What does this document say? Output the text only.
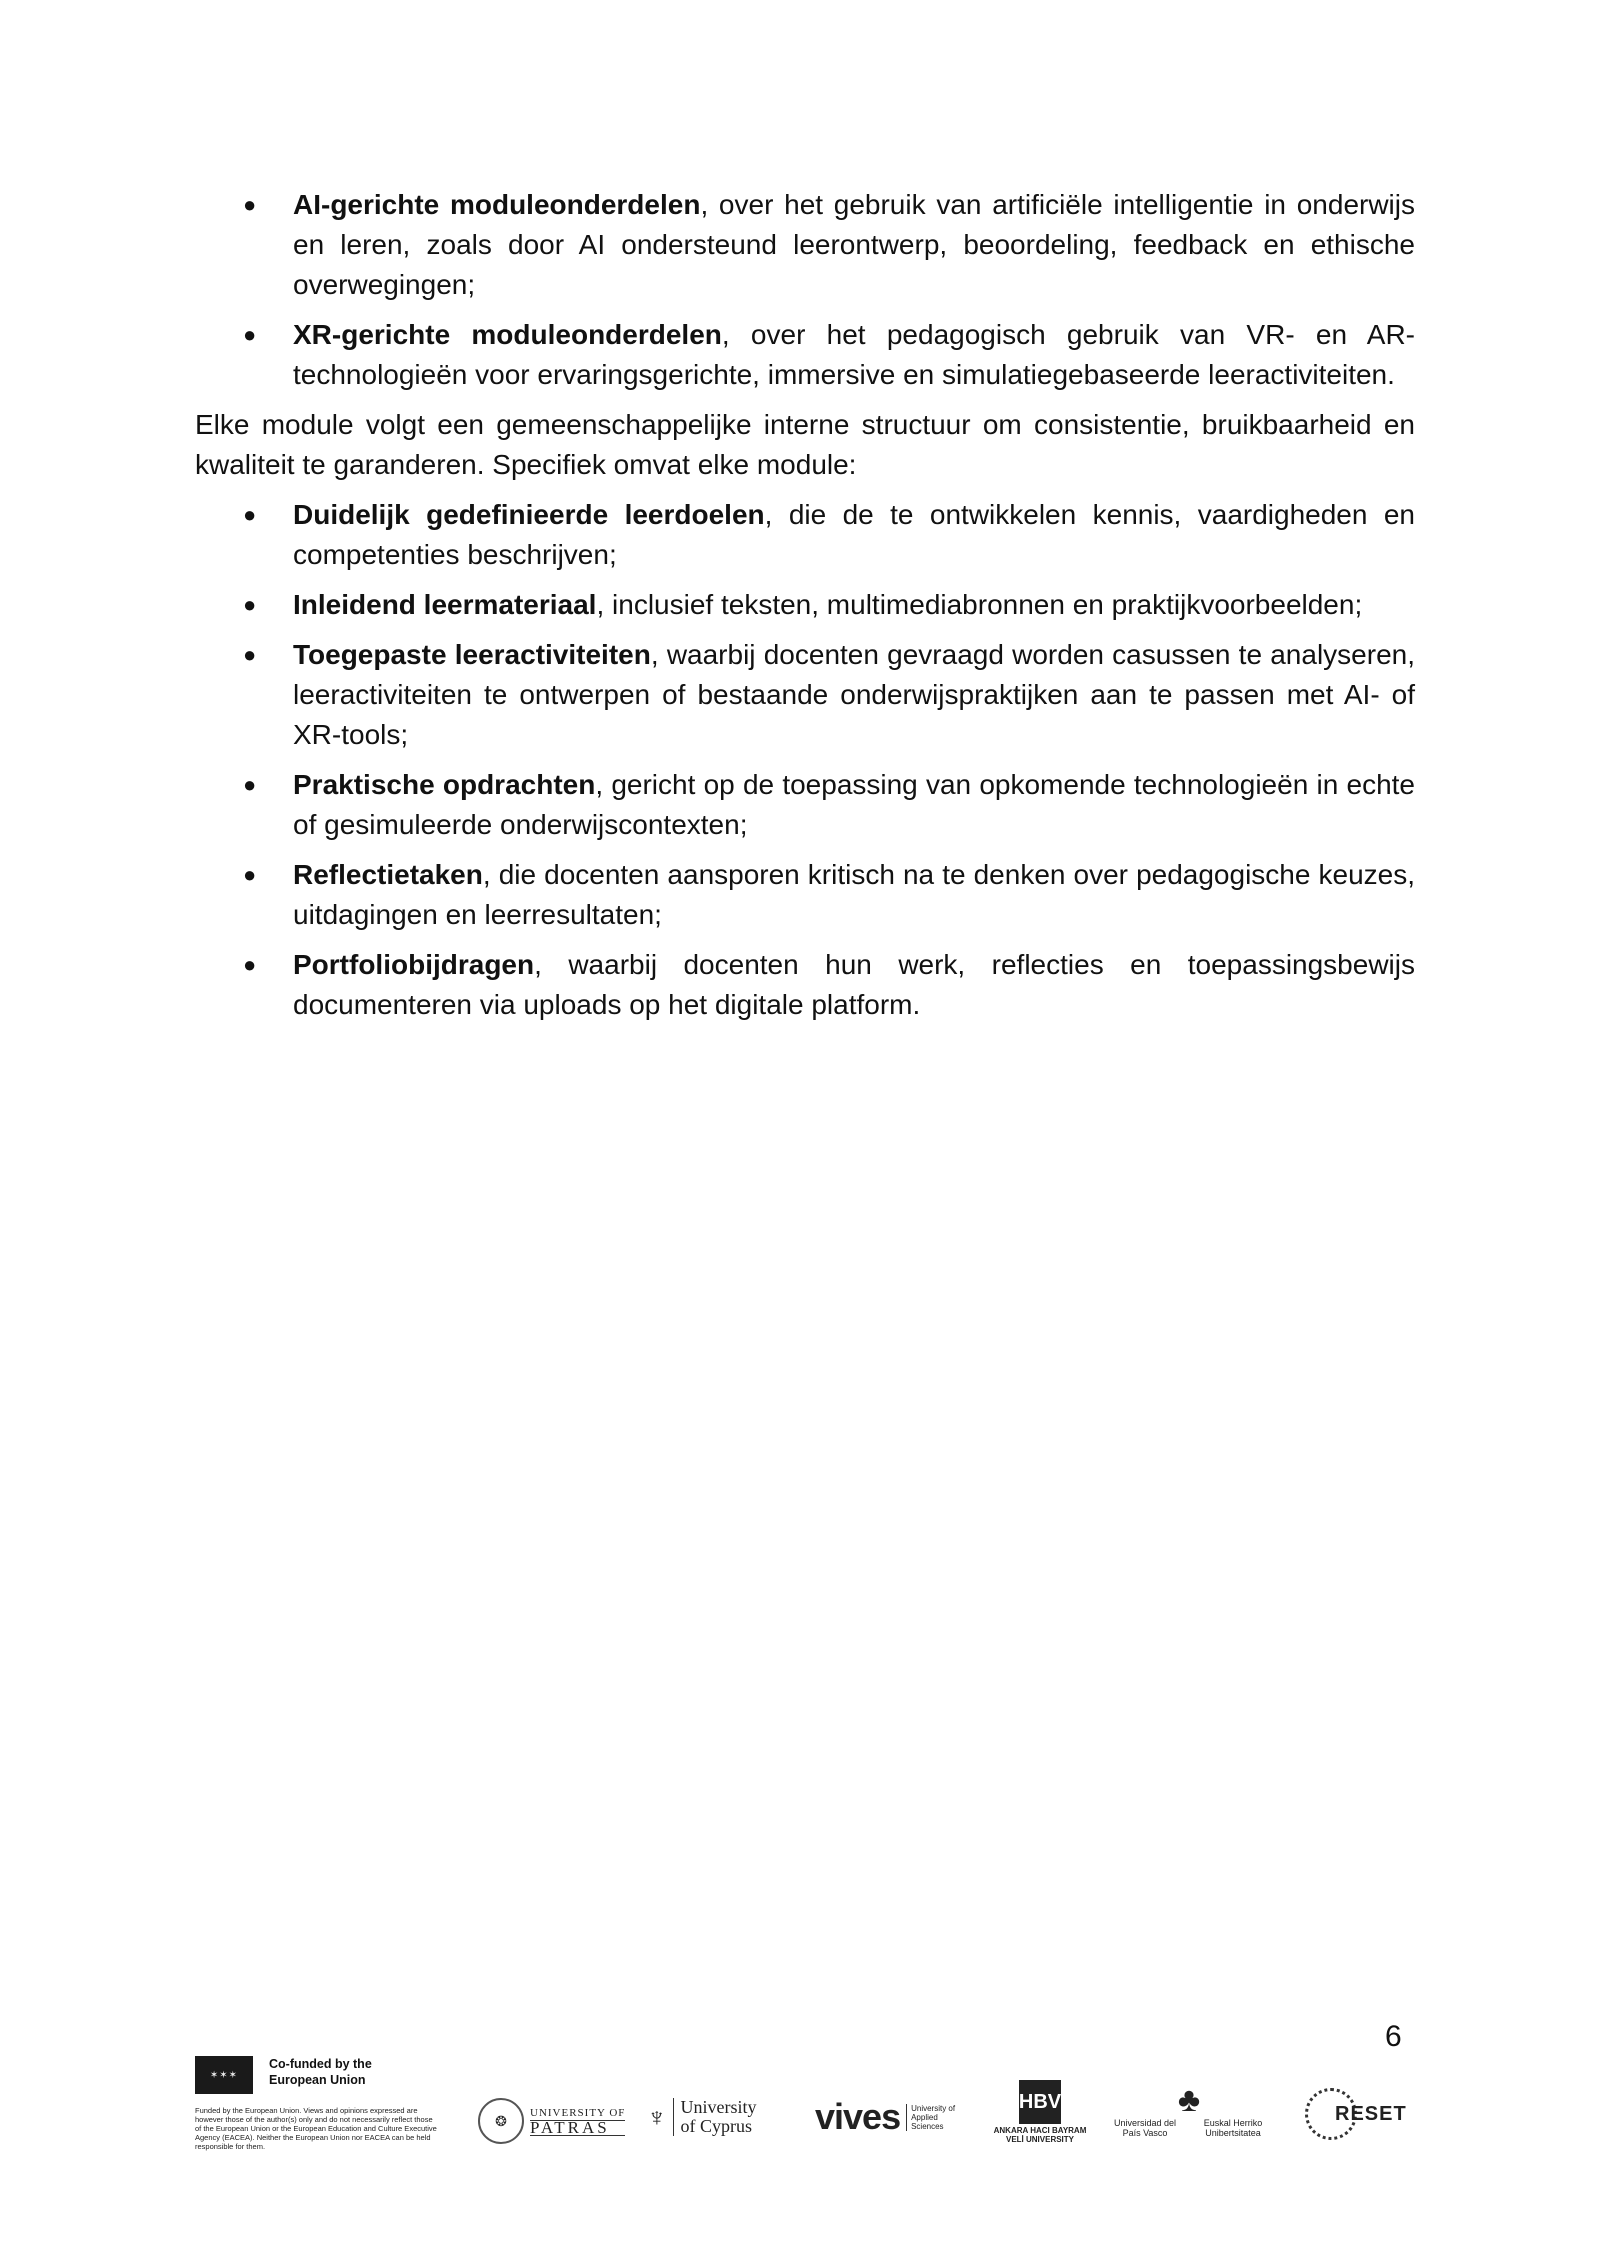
● AI-gerichte moduleonderdelen, over het gebruik van artificiële intelligentie in onderwijs en leren, zoals door AI ondersteund leerontwerp, beoordeling, feedback en ethische overwegingen;
● XR-gerichte moduleonderdelen, over het pedagogisch gebruik van VR- en AR-technologieën voor ervaringsgerichte, immersive en simulatiegebaseerde leeractiviteiten.

Elke module volgt een gemeenschappelijke interne structuur om consistentie, bruikbaarheid en kwaliteit te garanderen. Specifiek omvat elke module:

● Duidelijk gedefinieerde leerdoelen, die de te ontwikkelen kennis, vaardigheden en competenties beschrijven;
● Inleidend leermateriaal, inclusief teksten, multimediabronnen en praktijkvoorbeelden;
● Toegepaste leeractiviteiten, waarbij docenten gevraagd worden casussen te analyseren, leeractiviteiten te ontwerpen of bestaande onderwijspraktijken aan te passen met AI- of XR-tools;
● Praktische opdrachten, gericht op de toepassing van opkomende technologieën in echte of gesimuleerde onderwijscontexten;
● Reflectietaken, die docenten aansporen kritisch na te denken over pedagogische keuzes, uitdagingen en leerresultaten;
● Portfoliobijdragen, waarbij docenten hun werk, reflecties en toepassingsbewijs documenteren via uploads op het digitale platform.
6
✶✶✶
Co-funded by the European Union
Funded by the European Union. Views and opinions expressed are however those of the author(s) only and do not necessarily reflect those of the European Union or the European Education and Culture Executive Agency (EACEA). Neither the European Union nor EACEA can be held responsible for them.
❂	UNIVERSITY OF
PATRAS	♆ University of Cyprus	vives	University of Applied Sciences
HBV
ANKARA HACI BAYRAM VELİ UNIVERSITY
♣
Universidad del País Vasco
Euskal Herriko Unibertsitatea
RESET
